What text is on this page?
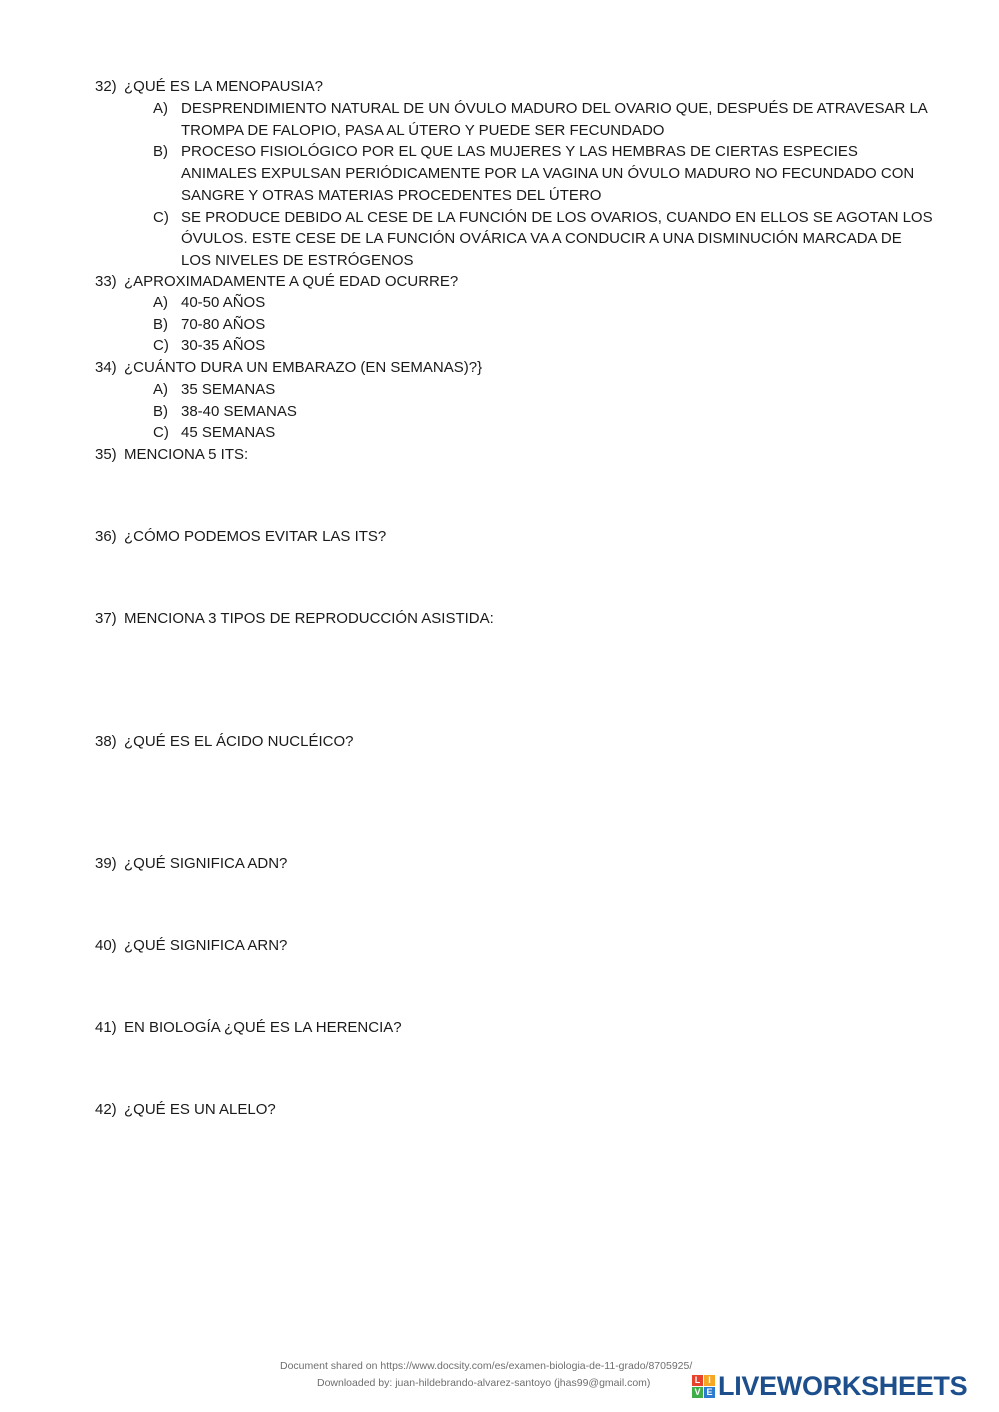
32) ¿QUÉ ES LA MENOPAUSIA?
A) DESPRENDIMIENTO NATURAL DE UN ÓVULO MADURO DEL OVARIO QUE, DESPUÉS DE ATRAVESAR LA TROMPA DE FALOPIO, PASA AL ÚTERO Y PUEDE SER FECUNDADO
B) PROCESO FISIOLÓGICO POR EL QUE LAS MUJERES Y LAS HEMBRAS DE CIERTAS ESPECIES ANIMALES EXPULSAN PERIÓDICAMENTE POR LA VAGINA UN ÓVULO MADURO NO FECUNDADO CON SANGRE Y OTRAS MATERIAS PROCEDENTES DEL ÚTERO
C) SE PRODUCE DEBIDO AL CESE DE LA FUNCIÓN DE LOS OVARIOS, CUANDO EN ELLOS SE AGOTAN LOS ÓVULOS. ESTE CESE DE LA FUNCIÓN OVÁRICA VA A CONDUCIR A UNA DISMINUCIÓN MARCADA DE LOS NIVELES DE ESTRÓGENOS
33) ¿APROXIMADAMENTE A QUÉ EDAD OCURRE?
A) 40-50 AÑOS
B) 70-80 AÑOS
C) 30-35 AÑOS
34) ¿CUÁNTO DURA UN EMBARAZO (EN SEMANAS)?}
A) 35 SEMANAS
B) 38-40 SEMANAS
C) 45 SEMANAS
35) MENCIONA 5 ITS:
36) ¿CÓMO PODEMOS EVITAR LAS ITS?
37) MENCIONA 3 TIPOS DE REPRODUCCIÓN ASISTIDA:
38) ¿QUÉ ES EL ÁCIDO NUCLÉICO?
39) ¿QUÉ SIGNIFICA ADN?
40) ¿QUÉ SIGNIFICA ARN?
41) EN BIOLOGÍA ¿QUÉ ES LA HERENCIA?
42) ¿QUÉ ES UN ALELO?
Document shared on https://www.docsity.com/es/examen-biologia-de-11-grado/8705925/
Downloaded by: juan-hildebrando-alvarez-santoyo (jhas99@gmail.com)	L I
V E LIVEWORKSHEETS
